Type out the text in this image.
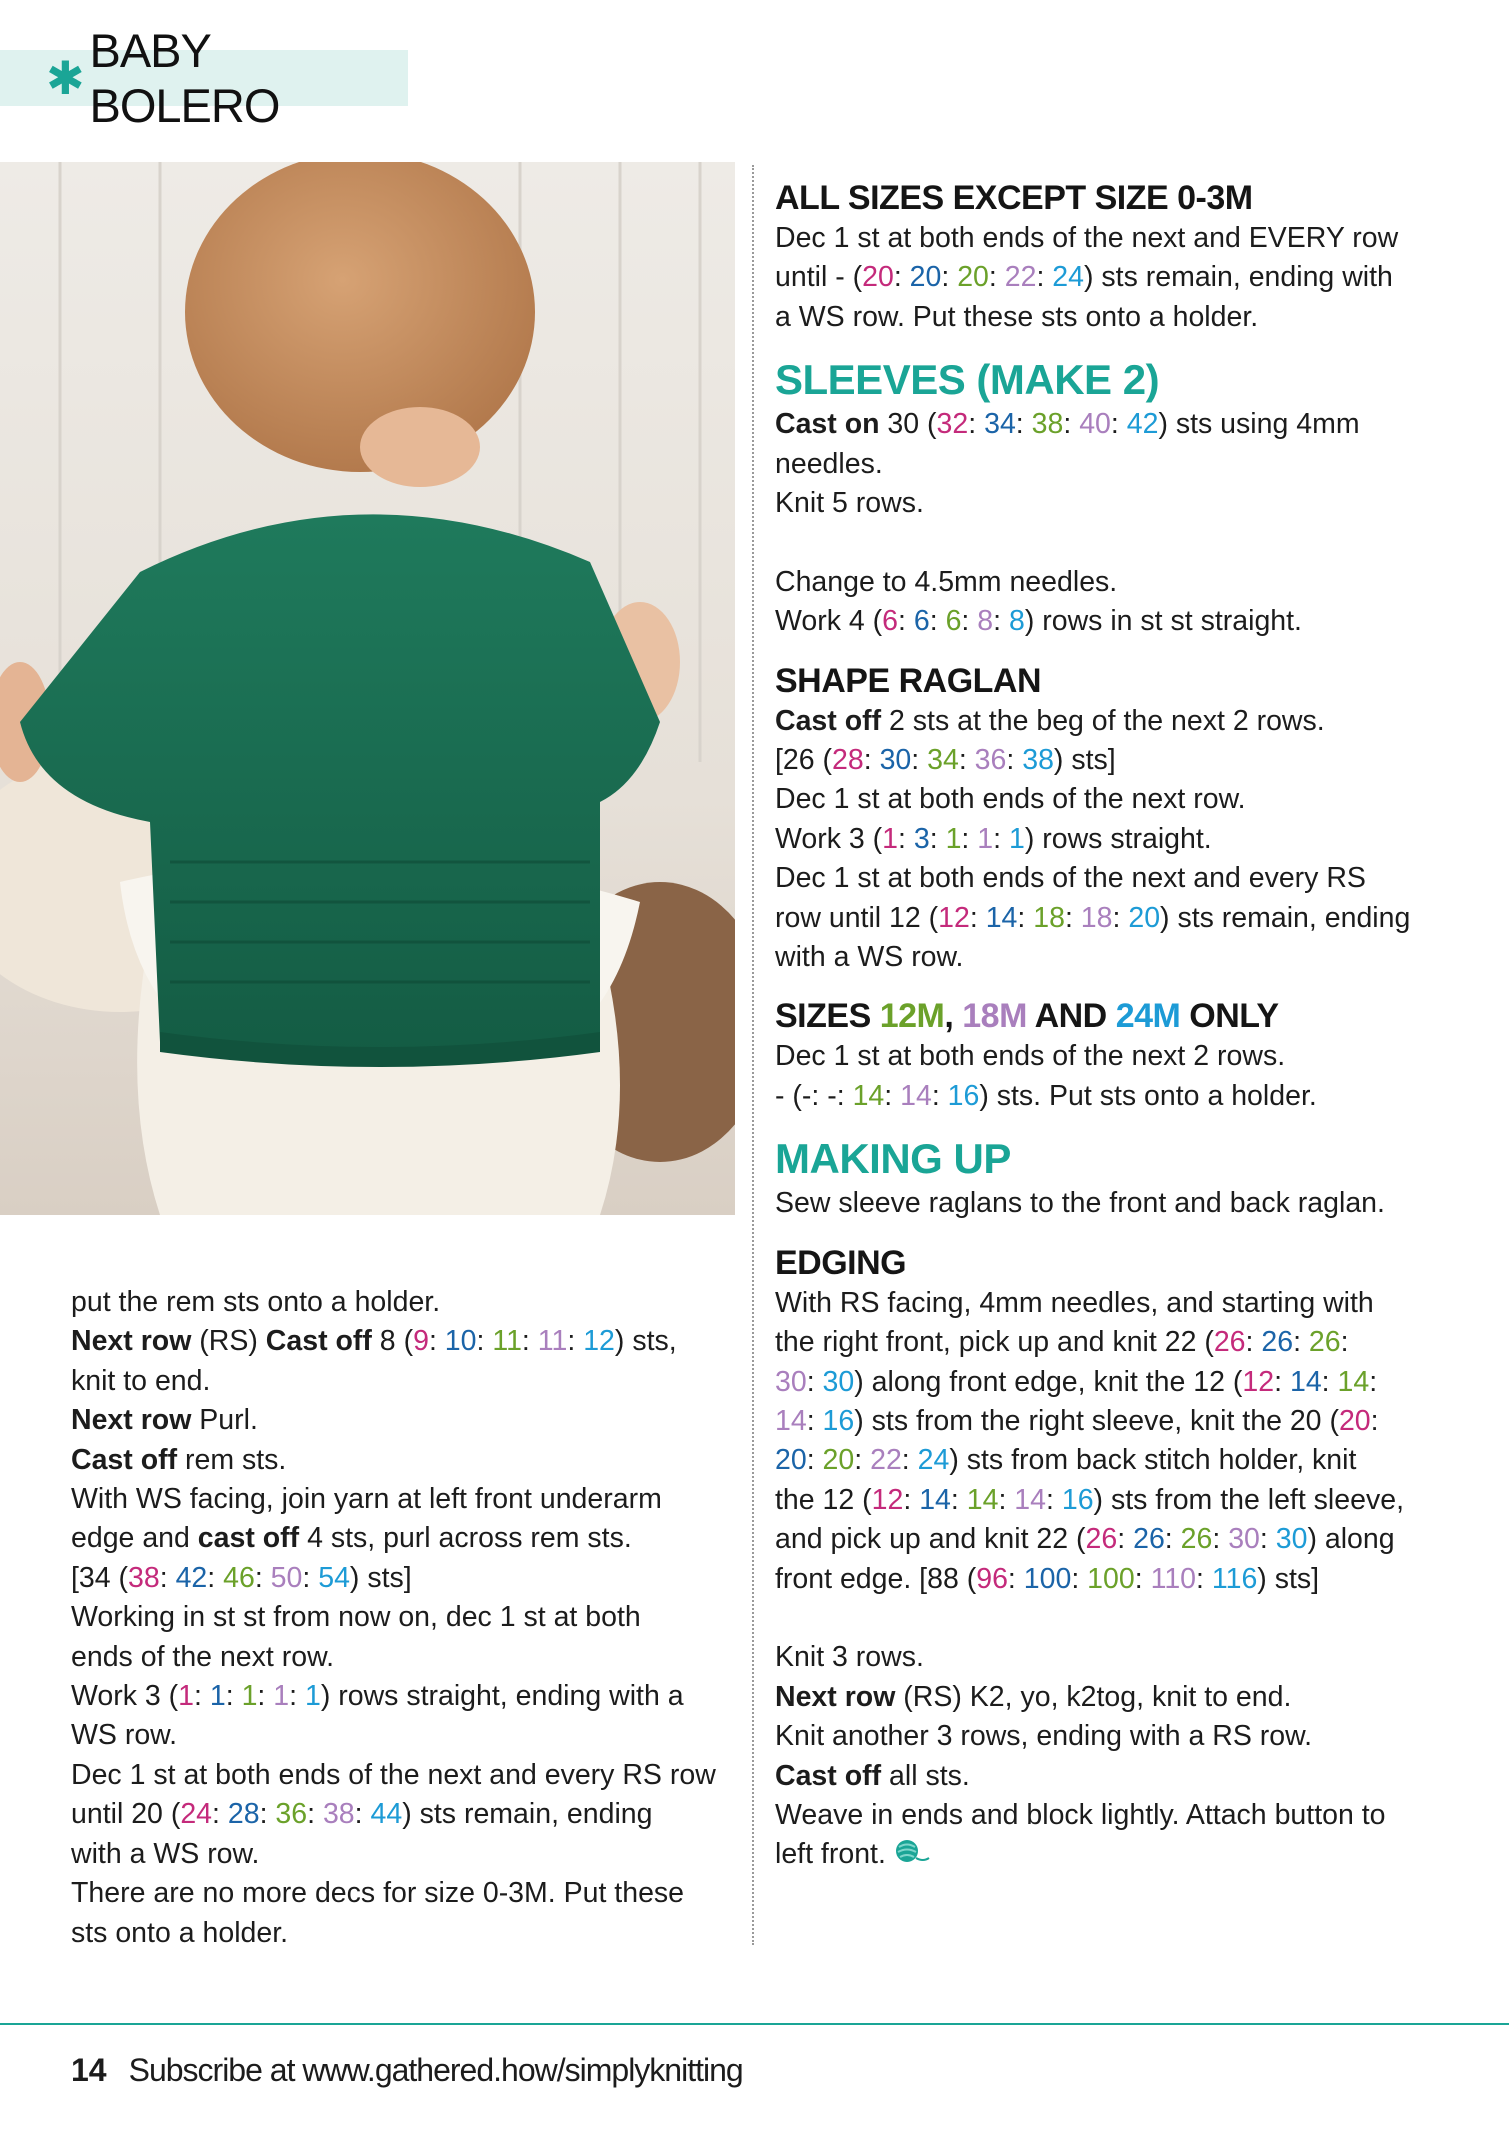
✱
BABY BOLERO

put the rem sts onto a holder.

Next row (RS) Cast off 8 (9: 10: 11: 11: 12) sts,

knit to end.

Next row Purl.

Cast off rem sts.

With WS facing, join yarn at left front underarm

edge and cast off 4 sts, purl across rem sts.

[34 (38: 42: 46: 50: 54) sts]

Working in st st from now on, dec 1 st at both

ends of the next row.

Work 3 (1: 1: 1: 1: 1) rows straight, ending with a

WS row.

Dec 1 st at both ends of the next and every RS row

until 20 (24: 28: 36: 38: 44) sts remain, ending

with a WS row.

There are no more decs for size 0-3M. Put these

sts onto a holder.

ALL SIZES EXCEPT SIZE 0-3M

Dec 1 st at both ends of the next and EVERY row

until - (20: 20: 20: 22: 24) sts remain, ending with

a WS row. Put these sts onto a holder.

SLEEVES (MAKE 2)

Cast on 30 (32: 34: 38: 40: 42) sts using 4mm

needles.

Knit 5 rows.

Change to 4.5mm needles.

Work 4 (6: 6: 6: 8: 8) rows in st st straight.

SHAPE RAGLAN

Cast off 2 sts at the beg of the next 2 rows.

[26 (28: 30: 34: 36: 38) sts]

Dec 1 st at both ends of the next row.

Work 3 (1: 3: 1: 1: 1) rows straight.

Dec 1 st at both ends of the next and every RS

row until 12 (12: 14: 18: 18: 20) sts remain, ending

with a WS row.

SIZES 12M, 18M AND 24M ONLY

Dec 1 st at both ends of the next 2 rows.

- (-: -: 14: 14: 16) sts. Put sts onto a holder.

MAKING UP

Sew sleeve raglans to the front and back raglan.

EDGING

With RS facing, 4mm needles, and starting with

the right front, pick up and knit 22 (26: 26: 26:

30: 30) along front edge, knit the 12 (12: 14: 14:

14: 16) sts from the right sleeve, knit the 20 (20:

20: 20: 22: 24) sts from back stitch holder, knit

the 12 (12: 14: 14: 14: 16) sts from the left sleeve,

and pick up and knit 22 (26: 26: 26: 30: 30) along

front edge. [88 (96: 100: 100: 110: 116) sts]

Knit 3 rows.

Next row (RS) K2, yo, k2tog, knit to end.

Knit another 3 rows, ending with a RS row.

Cast off all sts.

Weave in ends and block lightly. Attach button to

left front.

14 Subscribe at www.gathered.how/simplyknitting
